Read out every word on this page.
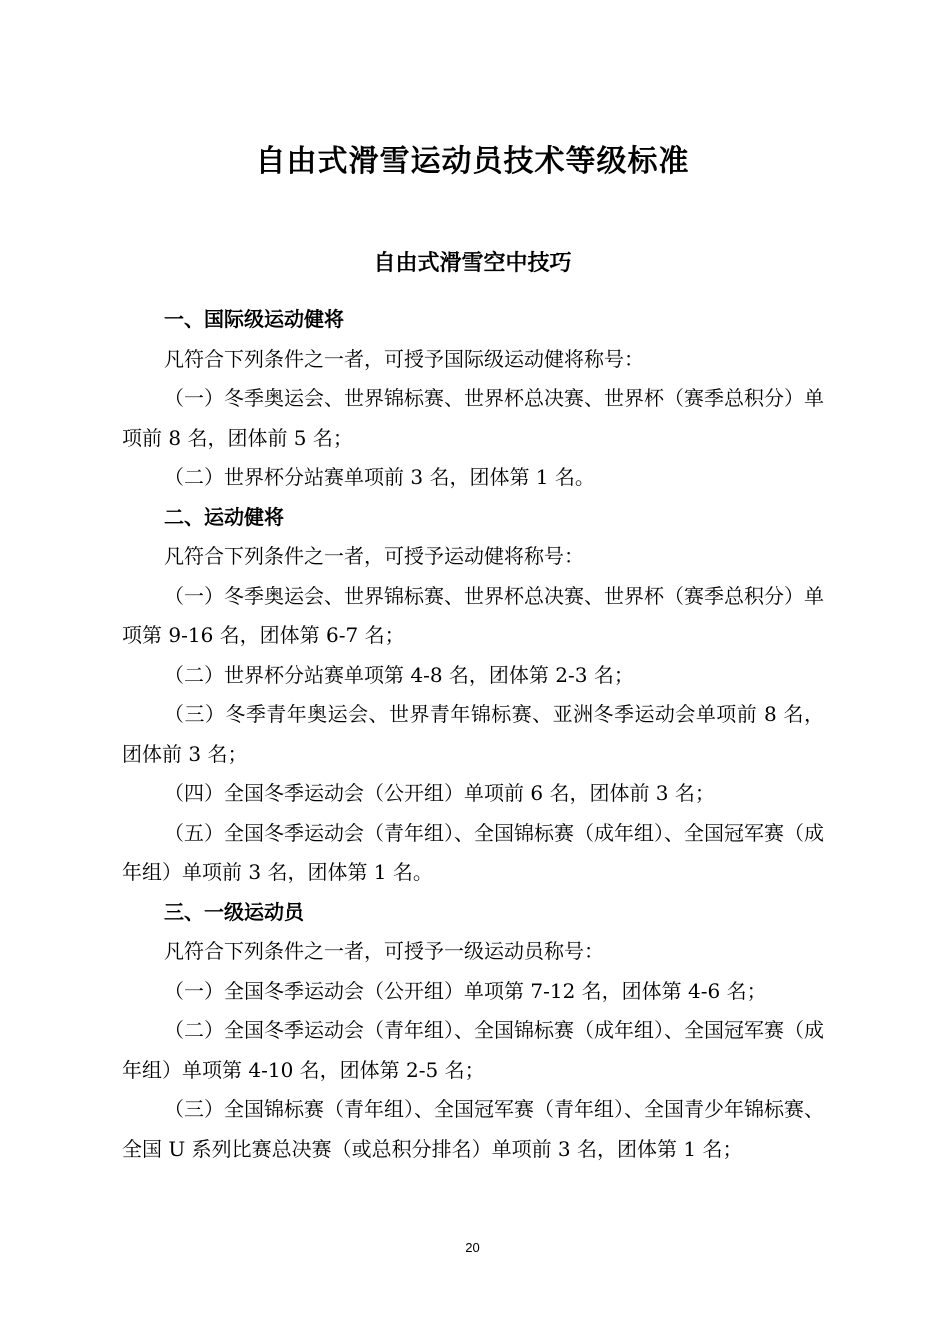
自由式滑雪运动员技术等级标准
自由式滑雪空中技巧

一、国际级运动健将

凡符合下列条件之一者，可授予国际级运动健将称号：

（一）冬季奥运会、世界锦标赛、世界杯总决赛、世界杯（赛季总积分）单项前 8 名，团体前 5 名；

（二）世界杯分站赛单项前 3 名，团体第 1 名。

二、运动健将

凡符合下列条件之一者，可授予运动健将称号：

（一）冬季奥运会、世界锦标赛、世界杯总决赛、世界杯（赛季总积分）单项第 9-16 名，团体第 6-7 名；

（二）世界杯分站赛单项第 4-8 名，团体第 2-3 名；

（三）冬季青年奥运会、世界青年锦标赛、亚洲冬季运动会单项前 8 名，团体前 3 名；

（四）全国冬季运动会（公开组）单项前 6 名，团体前 3 名；

（五）全国冬季运动会（青年组）、全国锦标赛（成年组）、全国冠军赛（成年组）单项前 3 名，团体第 1 名。

三、一级运动员

凡符合下列条件之一者，可授予一级运动员称号：

（一）全国冬季运动会（公开组）单项第 7-12 名，团体第 4-6 名；

（二）全国冬季运动会（青年组）、全国锦标赛（成年组）、全国冠军赛（成年组）单项第 4-10 名，团体第 2-5 名；

（三）全国锦标赛（青年组）、全国冠军赛（青年组）、全国青少年锦标赛、全国 U 系列比赛总决赛（或总积分排名）单项前 3 名，团体第 1 名；

20
